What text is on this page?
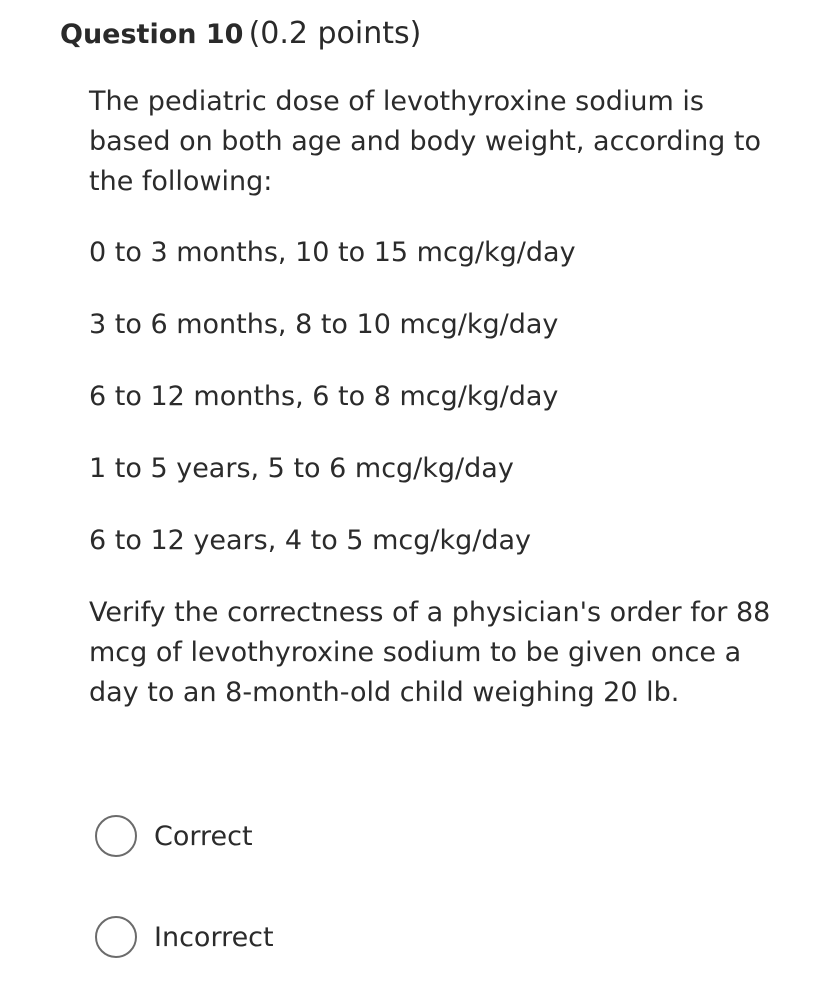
Question 10 (0.2 points)

The pediatric dose of levothyroxine sodium is based on both age and body weight, according to the following:

0 to 3 months, 10 to 15 mcg/kg/day

3 to 6 months, 8 to 10 mcg/kg/day

6 to 12 months, 6 to 8 mcg/kg/day

1 to 5 years, 5 to 6 mcg/kg/day

6 to 12 years, 4 to 5 mcg/kg/day

Verify the correctness of a physician's order for 88 mcg of levothyroxine sodium to be given once a day to an 8-month-old child weighing 20 lb.

Correct
Incorrect
